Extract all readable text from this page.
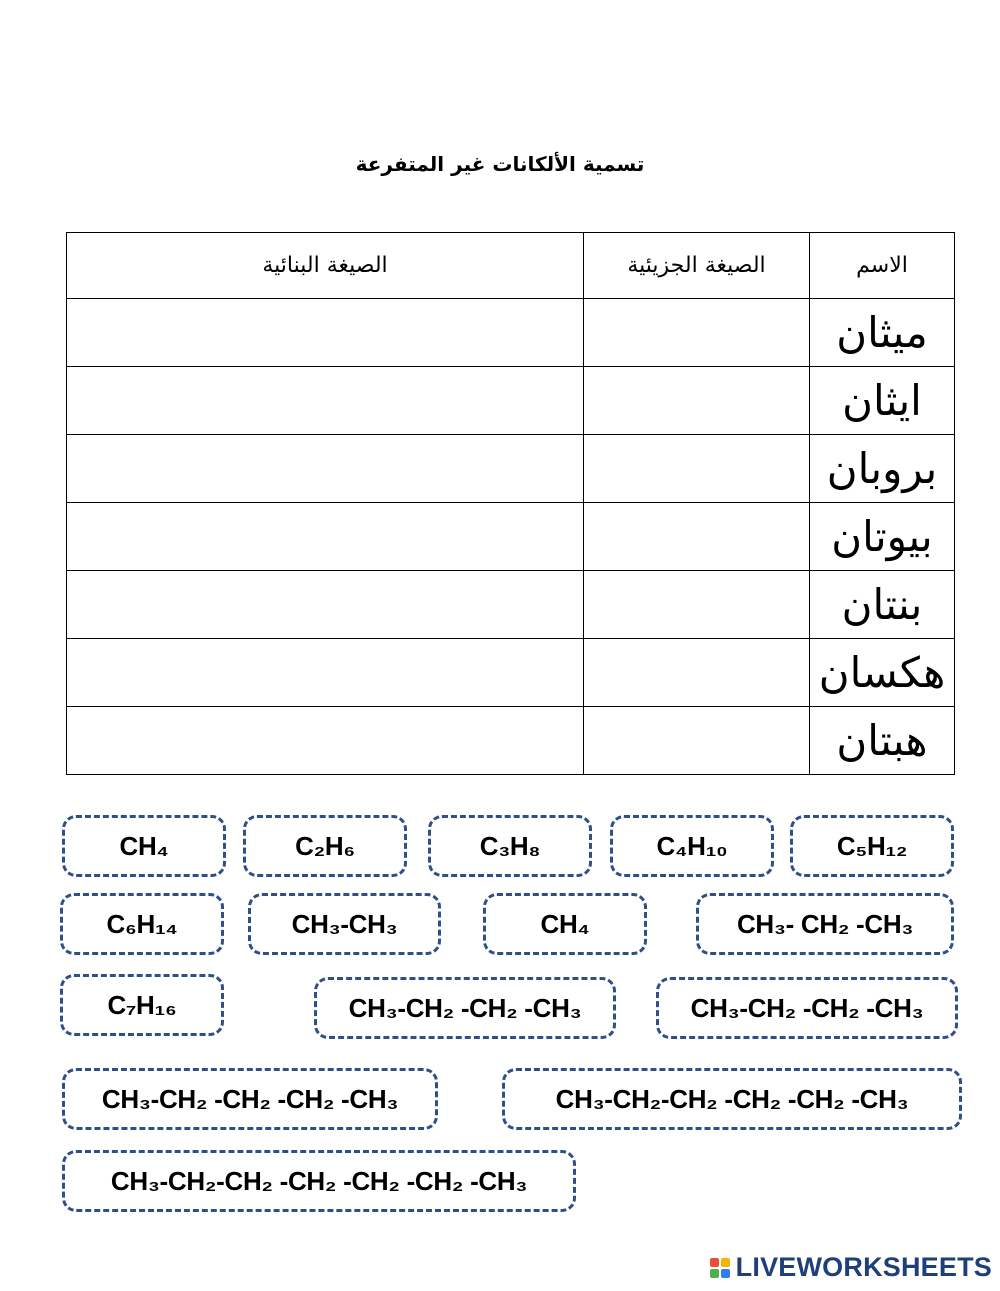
تسمية الألكانات غير المتفرعة
الصيغة البنائية	الصيغة الجزيئية	الاسم
		ميثان
		ايثان
		بروبان
		بيوتان
		بنتان
		هكسان
		هبتان
CH₄	C₂H₆	C₃H₈	C₄H₁₀	C₅H₁₂
C₆H₁₄	CH₃-CH₃	CH₄	CH₃- CH₂ -CH₃
C₇H₁₆	CH₃-CH₂ -CH₂ -CH₃	CH₃-CH₂ -CH₂ -CH₃
CH₃-CH₂ -CH₂ -CH₂ -CH₃	CH₃-CH₂-CH₂ -CH₂ -CH₂ -CH₃
CH₃-CH₂-CH₂ -CH₂ -CH₂ -CH₂ -CH₃
LIVEWORKSHEETS
